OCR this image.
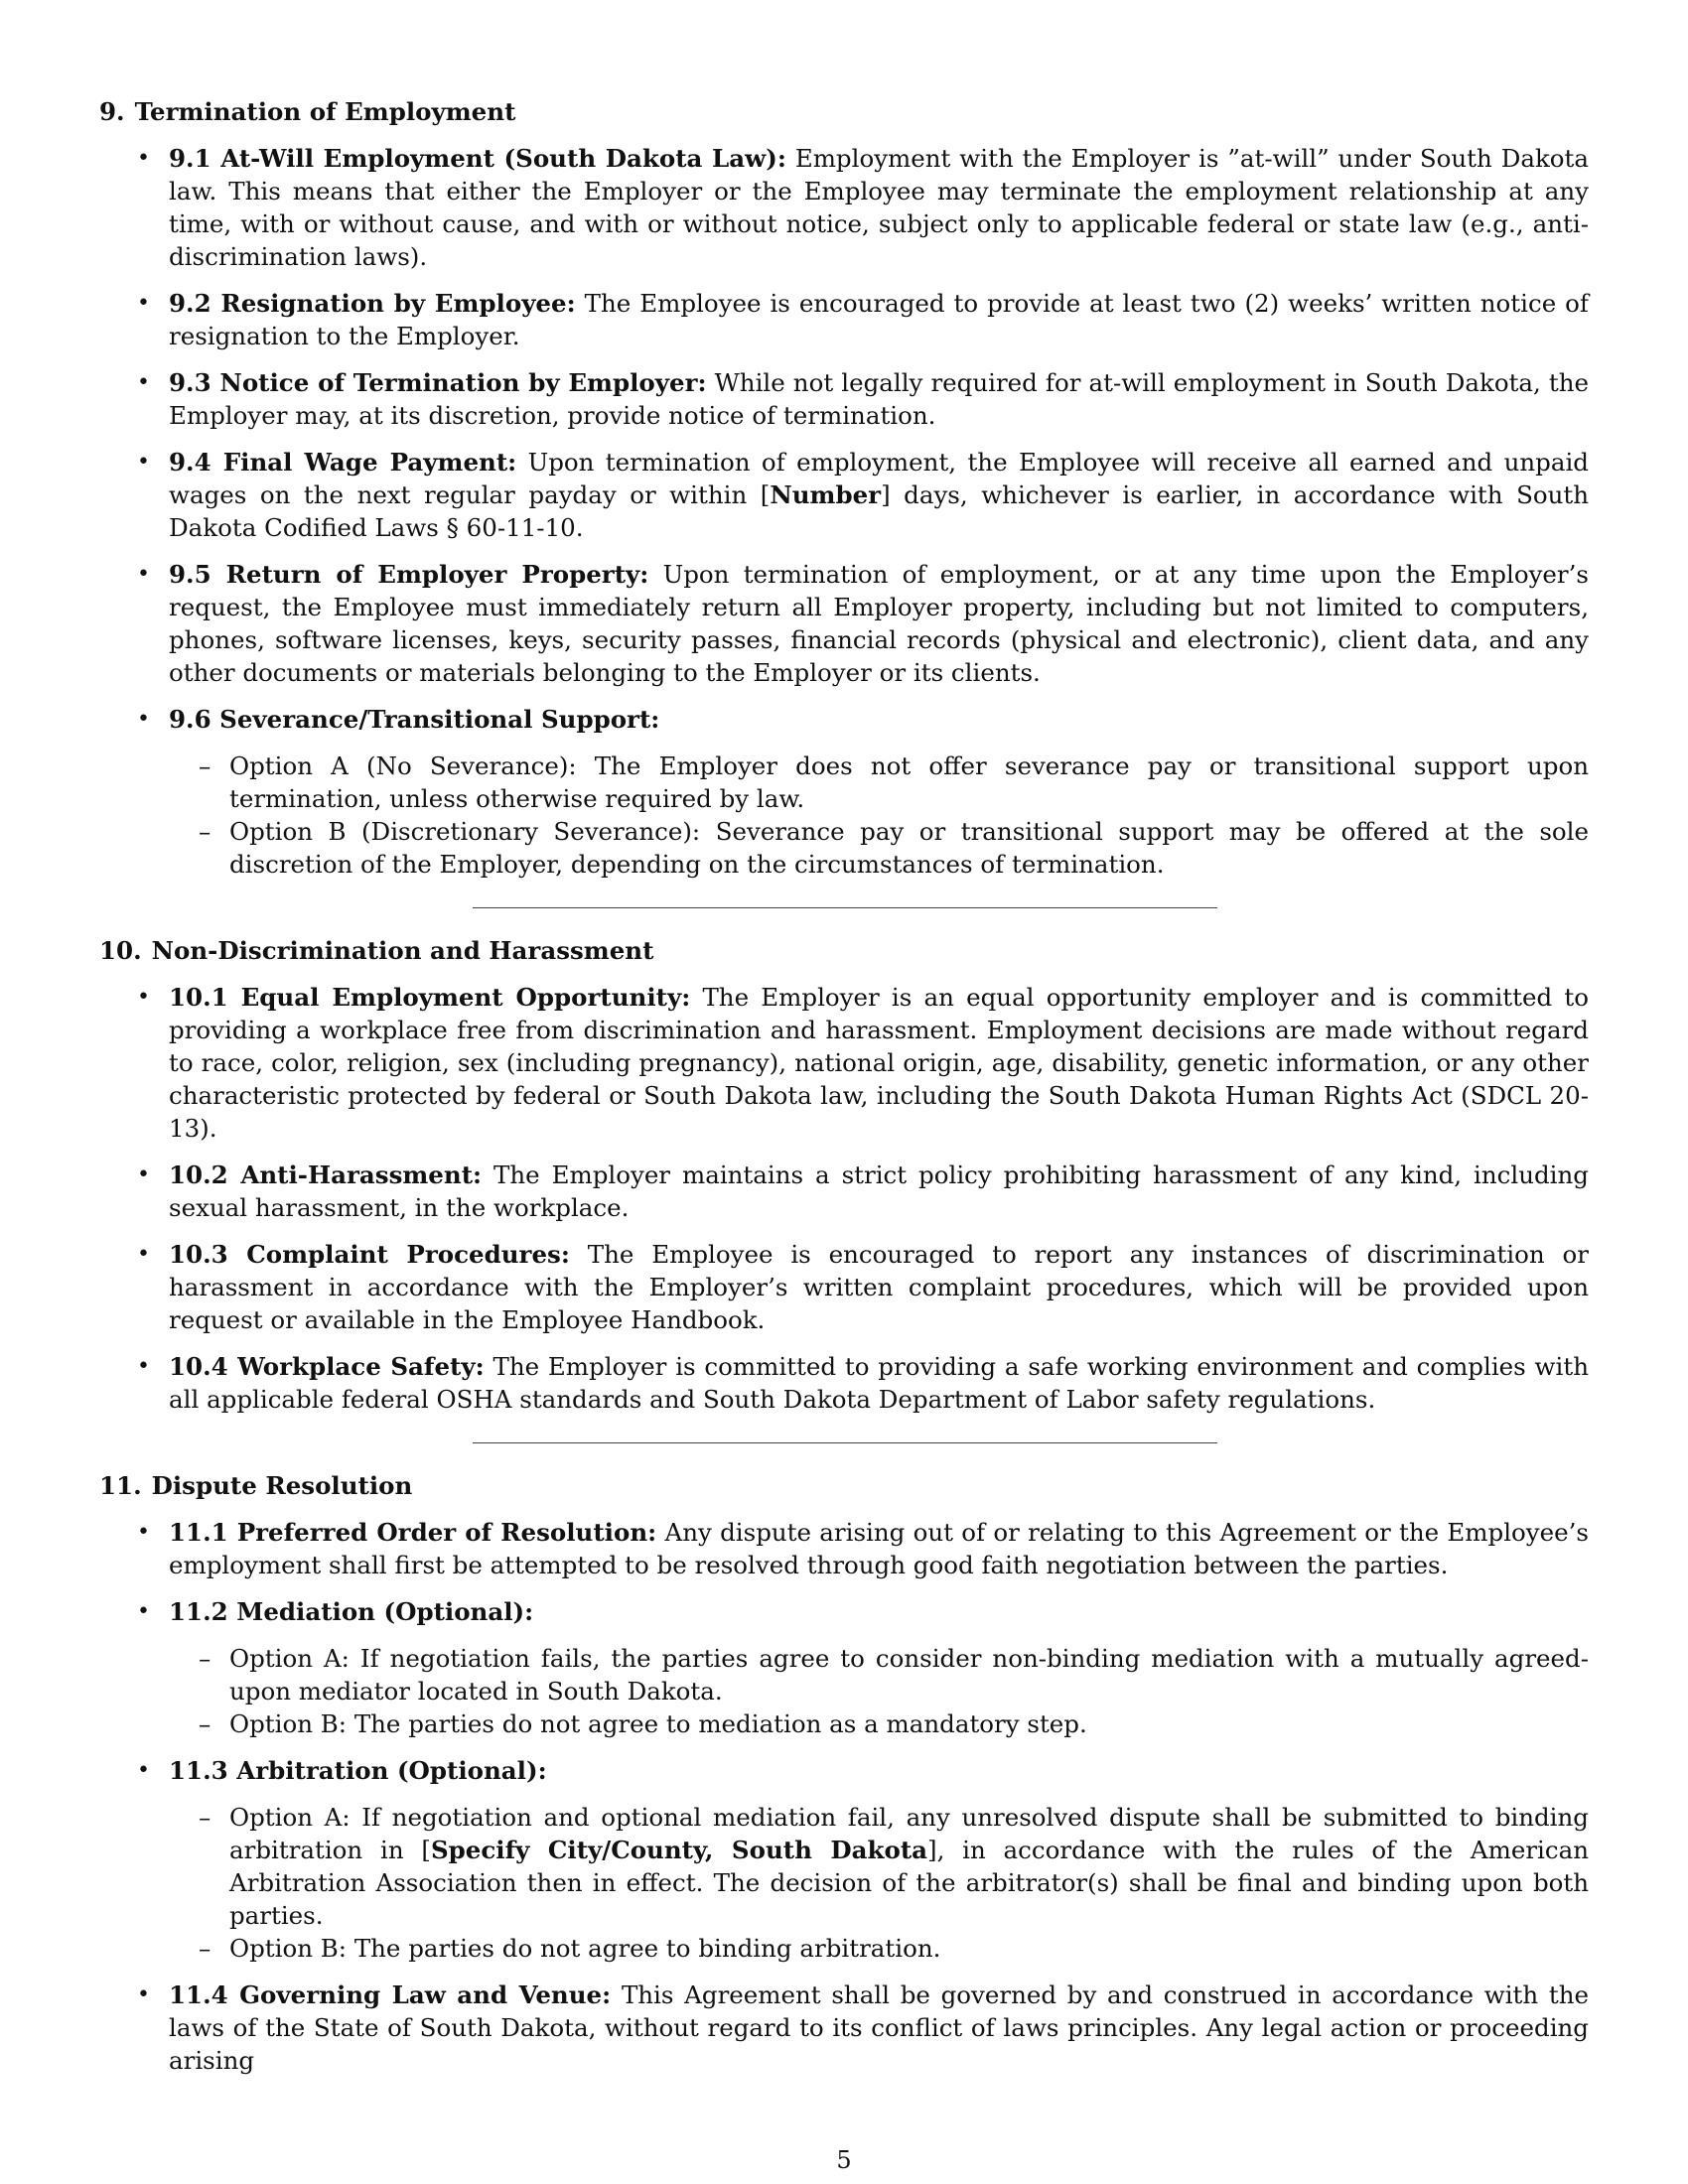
9. Termination of Employment
• 9.1 At-Will Employment (South Dakota Law): Employment with the Employer is ”at-will” under South Dakota law. This means that either the Employer or the Employee may terminate the employment relationship at any time, with or without cause, and with or without notice, subject only to applicable federal or state law (e.g., anti-discrimination laws).
• 9.2 Resignation by Employee: The Employee is encouraged to provide at least two (2) weeks’ written notice of resignation to the Employer.
• 9.3 Notice of Termination by Employer: While not legally required for at-will employment in South Dakota, the Employer may, at its discretion, provide notice of termination.
• 9.4 Final Wage Payment: Upon termination of employment, the Employee will receive all earned and unpaid wages on the next regular payday or within [Number] days, whichever is earlier, in accordance with South Dakota Codified Laws § 60-11-10.
• 9.5 Return of Employer Property: Upon termination of employment, or at any time upon the Employer’s request, the Employee must immediately return all Employer property, including but not limited to computers, phones, software licenses, keys, security passes, financial records (physical and electronic), client data, and any other documents or materials belonging to the Employer or its clients.
• 9.6 Severance/Transitional Support:
– Option A (No Severance): The Employer does not offer severance pay or transitional support upon termination, unless otherwise required by law.
– Option B (Discretionary Severance): Severance pay or transitional support may be offered at the sole discretion of the Employer, depending on the circumstances of termination.
10. Non-Discrimination and Harassment
• 10.1 Equal Employment Opportunity: The Employer is an equal opportunity employer and is committed to providing a workplace free from discrimination and harassment. Employment decisions are made without regard to race, color, religion, sex (including pregnancy), national origin, age, disability, genetic information, or any other characteristic protected by federal or South Dakota law, including the South Dakota Human Rights Act (SDCL 20-13).
• 10.2 Anti-Harassment: The Employer maintains a strict policy prohibiting harassment of any kind, including sexual harassment, in the workplace.
• 10.3 Complaint Procedures: The Employee is encouraged to report any instances of discrimination or harassment in accordance with the Employer’s written complaint procedures, which will be provided upon request or available in the Employee Handbook.
• 10.4 Workplace Safety: The Employer is committed to providing a safe working environment and complies with all applicable federal OSHA standards and South Dakota Department of Labor safety regulations.
11. Dispute Resolution
• 11.1 Preferred Order of Resolution: Any dispute arising out of or relating to this Agreement or the Employee’s employment shall first be attempted to be resolved through good faith negotiation between the parties.
• 11.2 Mediation (Optional):
– Option A: If negotiation fails, the parties agree to consider non-binding mediation with a mutually agreed-upon mediator located in South Dakota.
– Option B: The parties do not agree to mediation as a mandatory step.
• 11.3 Arbitration (Optional):
– Option A: If negotiation and optional mediation fail, any unresolved dispute shall be submitted to binding arbitration in [Specify City/County, South Dakota], in accordance with the rules of the American Arbitration Association then in effect. The decision of the arbitrator(s) shall be final and binding upon both parties.
– Option B: The parties do not agree to binding arbitration.
• 11.4 Governing Law and Venue: This Agreement shall be governed by and construed in accordance with the laws of the State of South Dakota, without regard to its conflict of laws principles. Any legal action or proceeding arising
5
